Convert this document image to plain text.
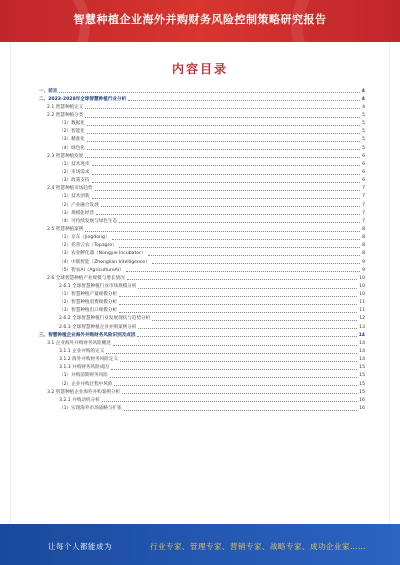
智慧种植企业海外并购财务风险控制策略研究报告
内容目录
一、前言	4
二、2023-2028年全球智慧种植行业分析	4
2.1 智慧种植定义	4
2.2 智慧种植分类	5
（1）数据化	5
（2）智能化	5
（3）精准化	5
（4）绿色化	5
2.3 智慧种植发展	6
（1）技术进步	6
（2）市场需求	6
（3）政策支持	6
2.4 智慧种植市场趋势	7
（1）技术创新	7
（2）产业融合发展	7
（3）规模化经营	7
（4）可持续发展与绿色生态	7
2.5 智慧种植案例	8
（1）京东（Jingdong）	8
（2）托普云农（Topagro）	8
（3）农业孵化器（Nongyie Incubator）	8
（4）中联智能（Zhonglian Intelligence）	9
（5）智农AI（AgricultureAI）	9
2.6 全球智慧种植产业规模与增长情况	10
2.6.1 全球智慧种植行业市场规模分析	10
（1）智慧种植产量规模分析	10
（2）智慧种植消费规模分析	11
（3）智慧种植出口规模分析	11
2.6.2 全球智慧种植行业发展现状与趋势分析	12
2.6.3 全球智慧种植企业并购案例分析	13
三、智慧种植企业海外并购财务风险识别及成因	14
3.1 企业海外并购财务风险概述	14
3.1.1 企业并购的定义	14
3.1.2 海外并购财务风险定义	14
3.1.3 并购财务风险成因	15
（1）并购前期财务风险	15
（2）企业并购过程中风险	15
3.2 智慧种植企业海外并购案例分析	15
3.2.1 并购动机分析	16
（1）实现海外市场战略与扩张	16
让每个人都能成为	行业专家、管理专家、营销专家、战略专家、成功企业家……
